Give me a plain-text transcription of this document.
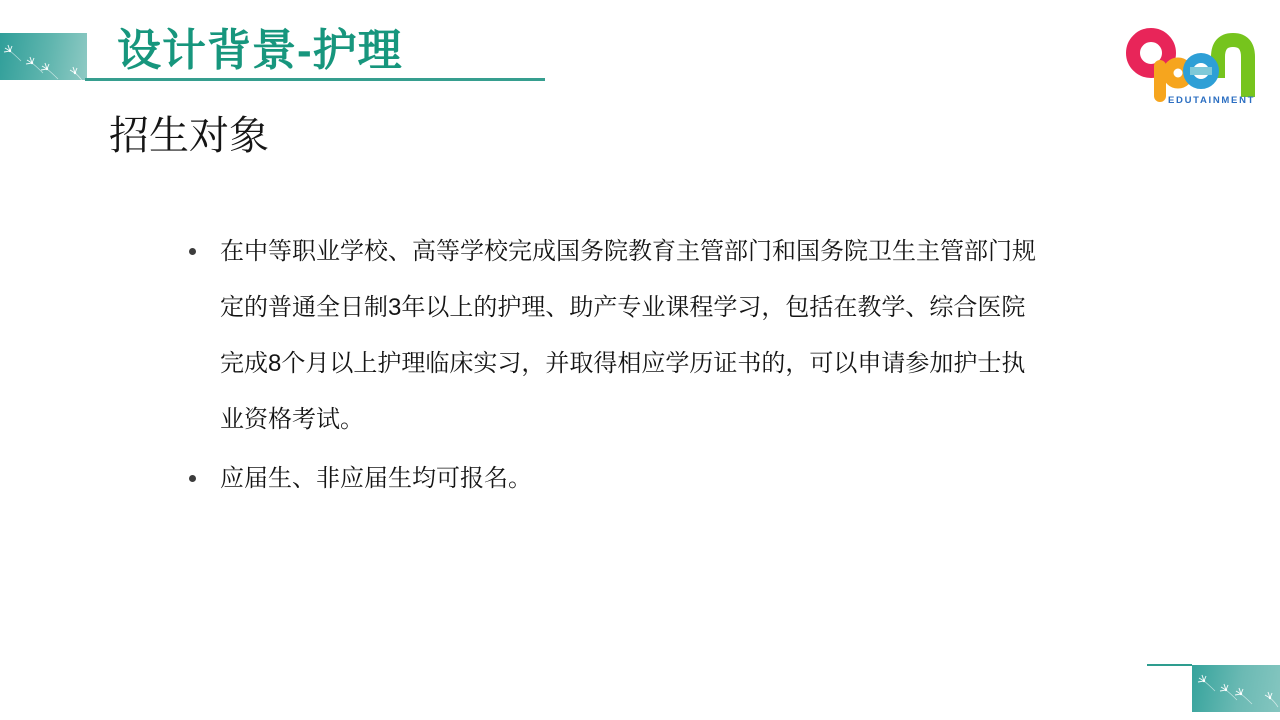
设计背景-护理
EDUTAINMENT
招生对象
在中等职业学校、高等学校完成国务院教育主管部门和国务院卫生主管部门规
定的普通全日制3年以上的护理、助产专业课程学习，包括在教学、综合医院
完成8个月以上护理临床实习，并取得相应学历证书的，可以申请参加护士执
业资格考试。
应届生、非应届生均可报名。
